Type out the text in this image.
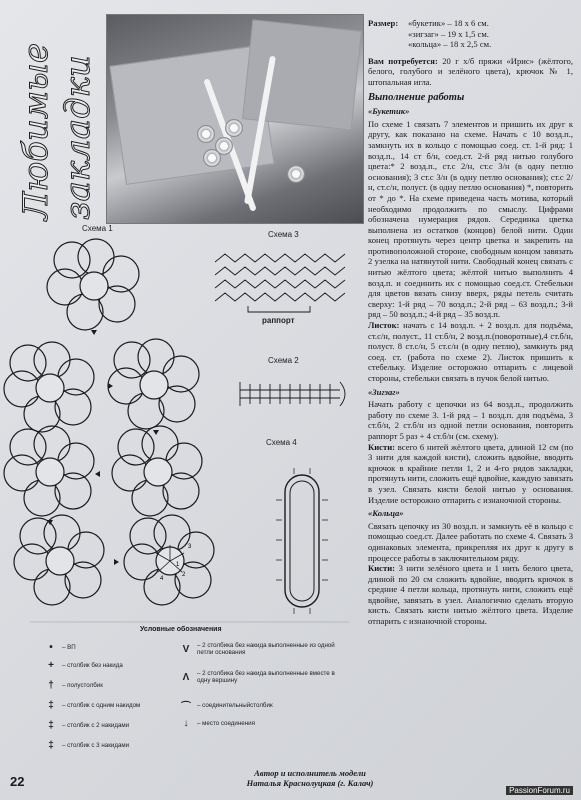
Любимые закладки
Размер:	«букетик» – 18 х 6 см.
«зигзаг» – 19 х 1,5 см.
«кольца» – 18 х 2,5 см.

Вам потребуется: 20 г х/б пряжи «Ирис» (жёлтого, белого, голубого и зелёного цвета), крючок № 1, штопальная игла.

Выполнение работы
«Букетик»

По схеме 1 связать 7 элементов и пришить их друг к другу, как показано на схеме. Начать с 10 возд.п., замкнуть их в кольцо с помощью соед. ст. 1-й ряд: 1 возд.п., 14 ст б/н, соед.ст. 2-й ряд нитью голубого цвета:* 2 возд.п., ст.с 2/н, ст.с 3/н (в одну петлю основания); 3 ст.с 3/н (в одну петлю основания); ст.с 2/н, ст.с/н, полуст. (в одну петлю основания) *, повторить от * до *. На схеме приведена часть мотива, который необходимо продолжить по смыслу. Цифрами обозначена нумерация рядов. Серединка цветка выполнена из остатков (концов) белой нити. Один конец протянуть через центр цветка и закрепить на противоположной стороне, свободным концом завязать 2 узелка на натянутой нити. Свободный конец связать с нитью жёлтого цвета; жёлтой нитью выполнить 4 возд.п. и соединить их с помощью соед.ст. Стебельки для цветов вязать снизу вверх, ряды петель считать сверху: 1-й ряд – 70 возд.п.; 2-й ряд – 63 возд.п.; 3-й ряд – 50 возд.п.; 4-й ряд – 35 возд.п.

Листок: начать с 14 возд.п. + 2 возд.п. для подъёма, ст.с/н, полуст., 11 ст.б/н, 2 возд.п.(поворотные),4 ст.б/н, полуст. 8 ст.с/н, 5 ст.с/н (в одну петлю), замкнуть ряд соед. ст. (работа по схеме 2). Листок пришить к стебельку. Изделие осторожно отпарить с лицевой стороны, стебельки связать в пучок белой нитью.

«Зигзаг»

Начать работу с цепочки из 64 возд.п., продолжить работу по схеме 3. 1-й ряд – 1 возд.п. для подъёма, 3 ст.б/н, 2 ст.б/н из одной петли основания, повторить раппорт 5 раз + 4 ст.б/н (см. схему).

Кисти: всего 6 нитей жёлтого цвета, длиной 12 см (по 3 нити для каждой кисти), сложить вдвойне, вводить крючок в крайние петли 1, 2 и 4-го рядов закладки, протянуть нити, сложить ещё вдвойне, каждую завязать в узел. Связать кисти белой нитью у основания. Изделие осторожно отпарить с изнаночной стороны.

«Кольца»

Связать цепочку из 30 возд.п. и замкнуть её в кольцо с помощью соед.ст. Далее работать по схеме 4. Связать 3 одинаковых элемента, прикрепляя их друг к другу в процессе работы в заключительном ряду.

Кисти: 3 нити зелёного цвета и 1 нить белого цвета, длиной по 20 см сложить вдвойне, вводить крючок в средние 4 петли кольца, протянуть нити, сложить ещё вдвойне, завязать в узел. Аналогично сделать вторую кисть. Связать кисти нитью жёлтого цвета. Изделие отпарить с изнаночной стороны.

Схема 1
Схема 3
Схема 2
Схема 4
раппорт
1
2
3
4
Условные обозначения
•	– ВП
+	– столбик без накида
†	– полустолбик
‡	– столбик с одним накидом
‡	– столбик с 2 накидами
‡	– столбик с 3 накидами
V	– 2 столбика без накида выполненные из одной петли основания
Λ	– 2 столбика без накида выполненные вместе в одну вершину
⌒ – соединительныйстолбик
↓	– место соединения
Автор и исполнитель модели
Наталья Краснолуцкая (г. Калач)
22
PassionForum.ru
